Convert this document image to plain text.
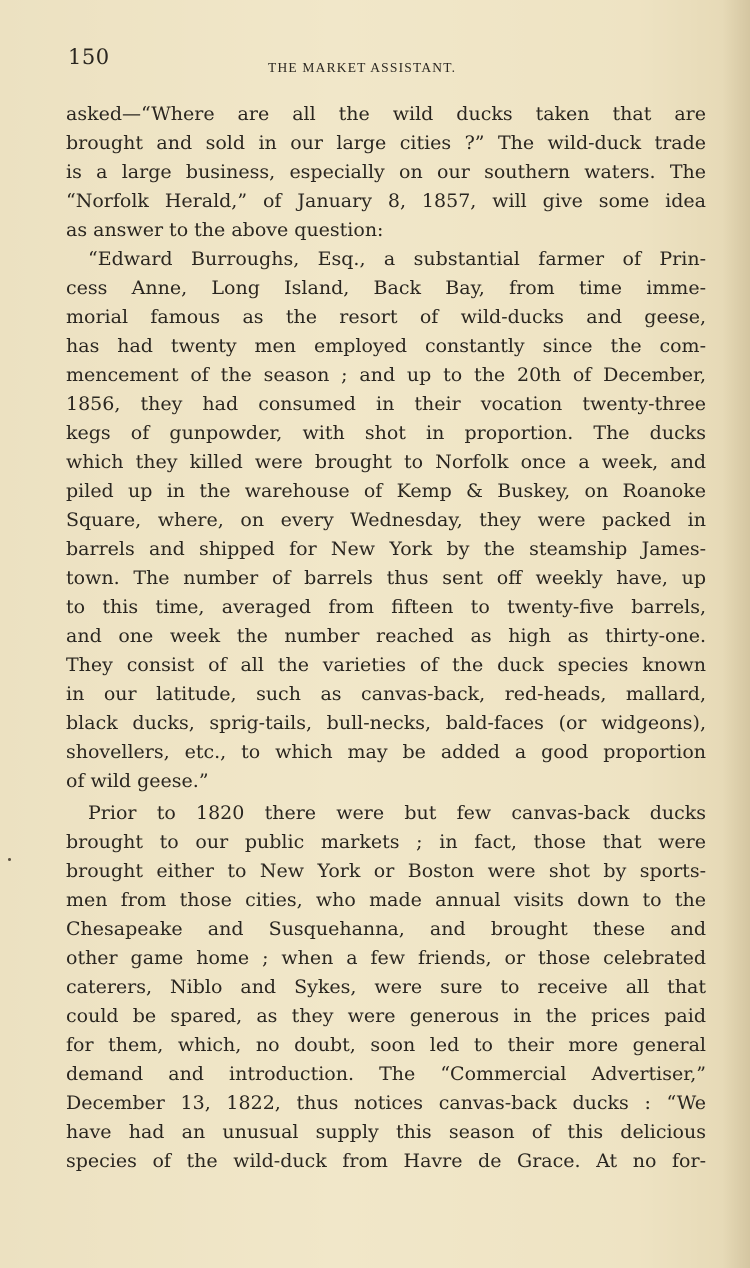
150	THE MARKET ASSISTANT.
asked—“Where are all the wild ducks taken that are
brought and sold in our large cities ?” The wild-duck trade
is a large business, especially on our southern waters. The
“Norfolk Herald,” of January 8, 1857, will give some idea
as answer to the above question:
“Edward Burroughs, Esq., a substantial farmer of Prin-
cess Anne, Long Island, Back Bay, from time imme-
morial famous as the resort of wild-ducks and geese,
has had twenty men employed constantly since the com-
mencement of the season ; and up to the 20th of December,
1856, they had consumed in their vocation twenty-three
kegs of gunpowder, with shot in proportion. The ducks
which they killed were brought to Norfolk once a week, and
piled up in the warehouse of Kemp & Buskey, on Roanoke
Square, where, on every Wednesday, they were packed in
barrels and shipped for New York by the steamship James-
town. The number of barrels thus sent off weekly have, up
to this time, averaged from fifteen to twenty-five barrels,
and one week the number reached as high as thirty-one.
They consist of all the varieties of the duck species known
in our latitude, such as canvas-back, red-heads, mallard,
black ducks, sprig-tails, bull-necks, bald-faces (or widgeons),
shovellers, etc., to which may be added a good proportion
of wild geese.”
Prior to 1820 there were but few canvas-back ducks
brought to our public markets ; in fact, those that were
brought either to New York or Boston were shot by sports-
men from those cities, who made annual visits down to the
Chesapeake and Susquehanna, and brought these and
other game home ; when a few friends, or those celebrated
caterers, Niblo and Sykes, were sure to receive all that
could be spared, as they were generous in the prices paid
for them, which, no doubt, soon led to their more general
demand and introduction. The “Commercial Advertiser,”
December 13, 1822, thus notices canvas-back ducks : “We
have had an unusual supply this season of this delicious
species of the wild-duck from Havre de Grace. At no for-
